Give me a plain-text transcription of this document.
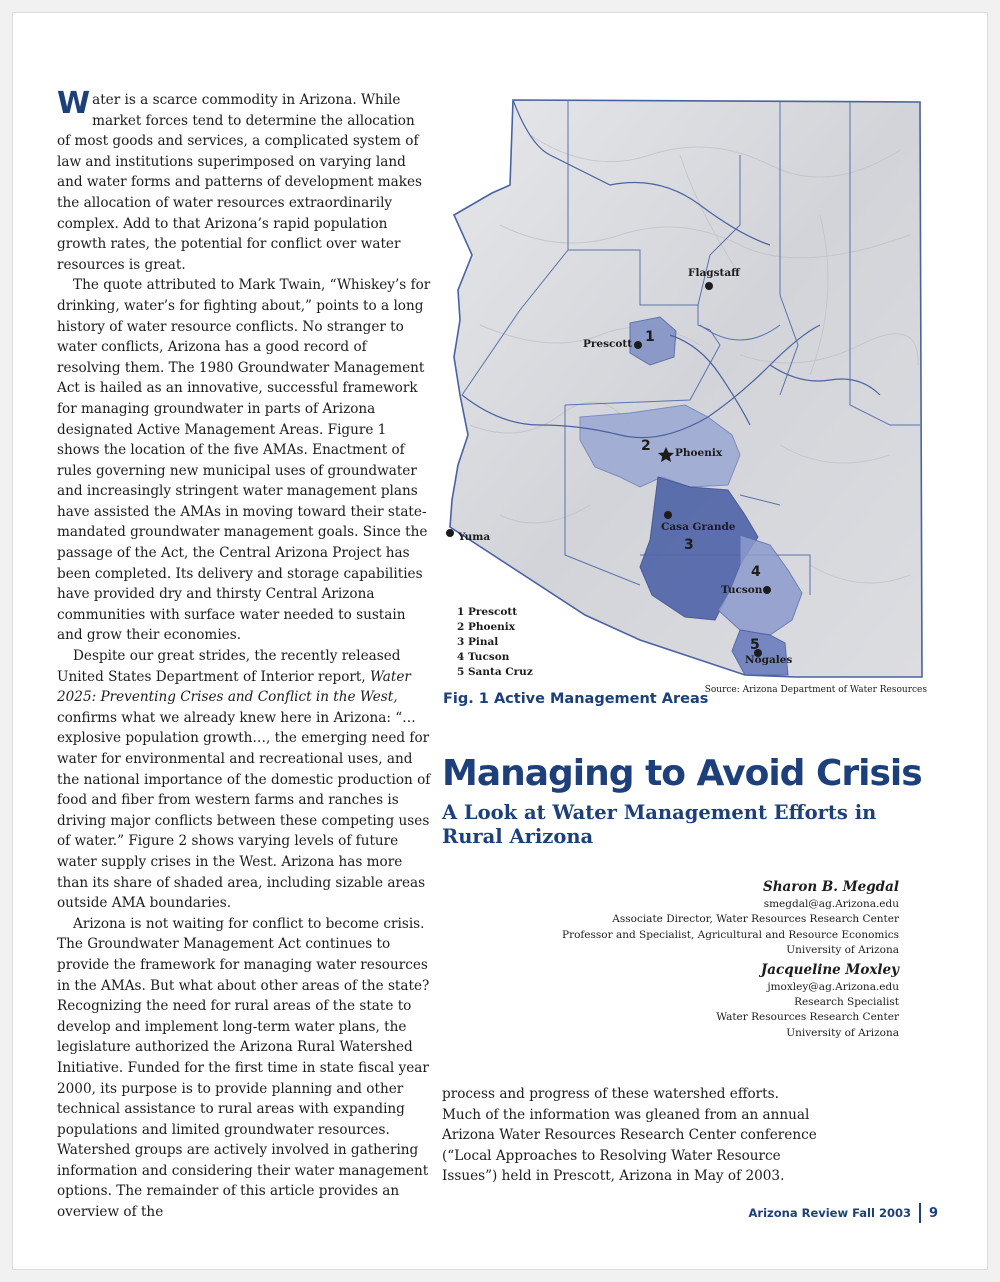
Water is a scarce commodity in Arizona. While market forces tend to determine the allocation of most goods and services, a complicated system of law and institutions superimposed on varying land and water forms and patterns of development makes the allocation of water resources extraordinarily complex. Add to that Arizona’s rapid population growth rates, the potential for conflict over water resources is great.

The quote attributed to Mark Twain, “Whiskey’s for drinking, water’s for fighting about,” points to a long history of water resource conflicts. No stranger to water conflicts, Arizona has a good record of resolving them. The 1980 Groundwater Management Act is hailed as an innovative, successful framework for managing groundwater in parts of Arizona designated Active Management Areas. Figure 1 shows the location of the five AMAs. Enactment of rules governing new municipal uses of groundwater and increasingly stringent water management plans have assisted the AMAs in moving toward their state-mandated groundwater management goals. Since the passage of the Act, the Central Arizona Project has been completed. Its delivery and storage capabilities have provided dry and thirsty Central Arizona communities with surface water needed to sustain and grow their economies.

Despite our great strides, the recently released United States Department of Interior report, Water 2025: Preventing Crises and Conflict in the West, confirms what we already knew here in Arizona: “…explosive population growth…, the emerging need for water for environmental and recreational uses, and the national importance of the domestic production of food and fiber from western farms and ranches is driving major conflicts between these competing uses of water.” Figure 2 shows varying levels of future water supply crises in the West. Arizona has more than its share of shaded area, including sizable areas outside AMA boundaries.

Arizona is not waiting for conflict to become crisis. The Groundwater Management Act continues to provide the framework for managing water resources in the AMAs. But what about other areas of the state? Recognizing the need for rural areas of the state to develop and implement long-term water plans, the legislature authorized the Arizona Rural Watershed Initiative. Funded for the first time in state fiscal year 2000, its purpose is to provide planning and other technical assistance to rural areas with expanding populations and limited groundwater resources. Watershed groups are actively involved in gathering information and considering their water management options. The remainder of this article provides an overview of the

Flagstaff
Prescott
Phoenix
Casa Grande
Yuma
Tucson
Nogales
1
2
3
4
5
1 Prescott
2 Phoenix
3 Pinal
4 Tucson
5 Santa Cruz
Source: Arizona Department of Water Resources
Fig. 1 Active Management Areas
Managing to Avoid Crisis
A Look at Water Management Efforts in Rural Arizona
Sharon B. Megdal
smegdal@ag.Arizona.edu
Associate Director, Water Resources Research Center
Professor and Specialist, Agricultural and Resource Economics
University of Arizona
Jacqueline Moxley
jmoxley@ag.Arizona.edu
Research Specialist
Water Resources Research Center
University of Arizona

process and progress of these watershed efforts. Much of the information was gleaned from an annual Arizona Water Resources Research Center conference (“Local Approaches to Resolving Water Resource Issues”) held in Prescott, Arizona in May of 2003.

Arizona Review Fall 2003 9
